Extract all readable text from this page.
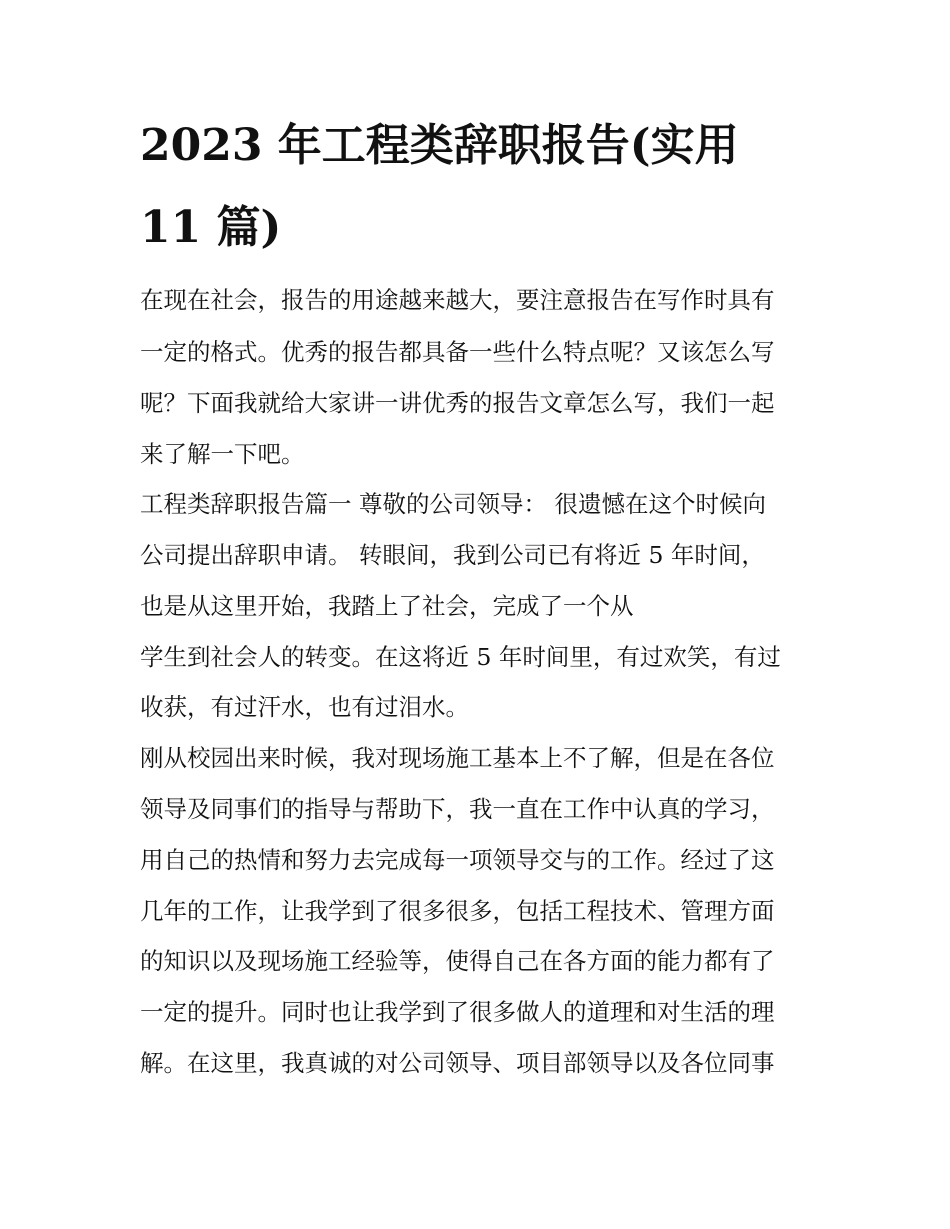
2023 年工程类辞职报告(实用
11 篇)

在现在社会，报告的用途越来越大，要注意报告在写作时具有

一定的格式。优秀的报告都具备一些什么特点呢？又该怎么写

呢？下面我就给大家讲一讲优秀的报告文章怎么写，我们一起

来了解一下吧。

工程类辞职报告篇一 尊敬的公司领导： 很遗憾在这个时候向

公司提出辞职申请。 转眼间，我到公司已有将近 5 年时间，

也是从这里开始，我踏上了社会，完成了一个从

学生到社会人的转变。在这将近 5 年时间里，有过欢笑，有过

收获，有过汗水，也有过泪水。

刚从校园出来时候，我对现场施工基本上不了解，但是在各位

领导及同事们的指导与帮助下，我一直在工作中认真的学习，

用自己的热情和努力去完成每一项领导交与的工作。经过了这

几年的工作，让我学到了很多很多，包括工程技术、管理方面

的知识以及现场施工经验等，使得自己在各方面的能力都有了

一定的提升。同时也让我学到了很多做人的道理和对生活的理

解。在这里，我真诚的对公司领导、项目部领导以及各位同事
